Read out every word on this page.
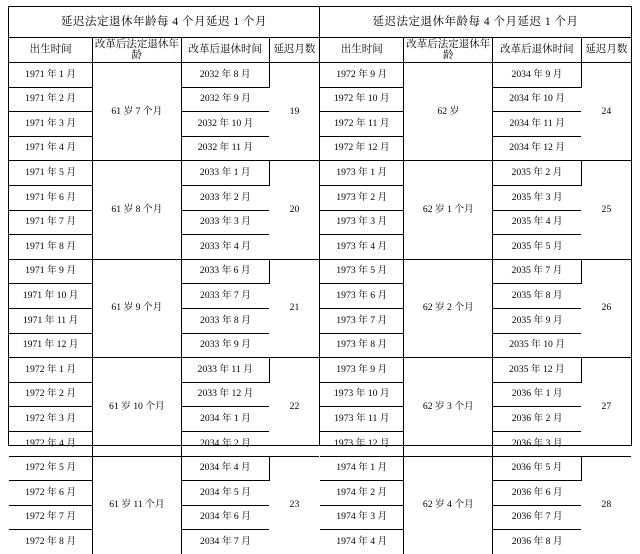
延迟法定退休年龄每 4 个月延迟 1 个月			
出生时间	改革后法定退休年龄	改革后退休时间	延迟月数
1971 年 1 月	61 岁 7 个月	2032 年 8 月	19
1971 年 2 月		2032 年 9 月	
1971 年 3 月		2032 年 10 月	
1971 年 4 月		2032 年 11 月	
1971 年 5 月	61 岁 8 个月	2033 年 1 月	20
1971 年 6 月		2033 年 2 月	
1971 年 7 月		2033 年 3 月	
1971 年 8 月		2033 年 4 月	
1971 年 9 月	61 岁 9 个月	2033 年 6 月	21
1971 年 10 月		2033 年 7 月	
1971 年 11 月		2033 年 8 月	
1971 年 12 月		2033 年 9 月	
1972 年 1 月	61 岁 10 个月	2033 年 11 月	22
1972 年 2 月		2033 年 12 月	
1972 年 3 月		2034 年 1 月	
1972 年 4 月		2034 年 2 月	
1972 年 5 月	61 岁 11 个月	2034 年 4 月	23
1972 年 6 月		2034 年 5 月	
1972 年 7 月		2034 年 6 月	
1972 年 8 月		2034 年 7 月	
延迟法定退休年龄每 4 个月延迟 1 个月			
出生时间	改革后法定退休年龄	改革后退休时间	延迟月数
1972 年 9 月	62 岁	2034 年 9 月	24
1972 年 10 月		2034 年 10 月	
1972 年 11 月		2034 年 11 月	
1972 年 12 月		2034 年 12 月	
1973 年 1 月	62 岁 1 个月	2035 年 2 月	25
1973 年 2 月		2035 年 3 月	
1973 年 3 月		2035 年 4 月	
1973 年 4 月		2035 年 5 月	
1973 年 5 月	62 岁 2 个月	2035 年 7 月	26
1973 年 6 月		2035 年 8 月	
1973 年 7 月		2035 年 9 月	
1973 年 8 月		2035 年 10 月	
1973 年 9 月	62 岁 3 个月	2035 年 12 月	27
1973 年 10 月		2036 年 1 月	
1973 年 11 月		2036 年 2 月	
1973 年 12 月		2036 年 3 月	
1974 年 1 月	62 岁 4 个月	2036 年 5 月	28
1974 年 2 月		2036 年 6 月	
1974 年 3 月		2036 年 7 月	
1974 年 4 月		2036 年 8 月	
